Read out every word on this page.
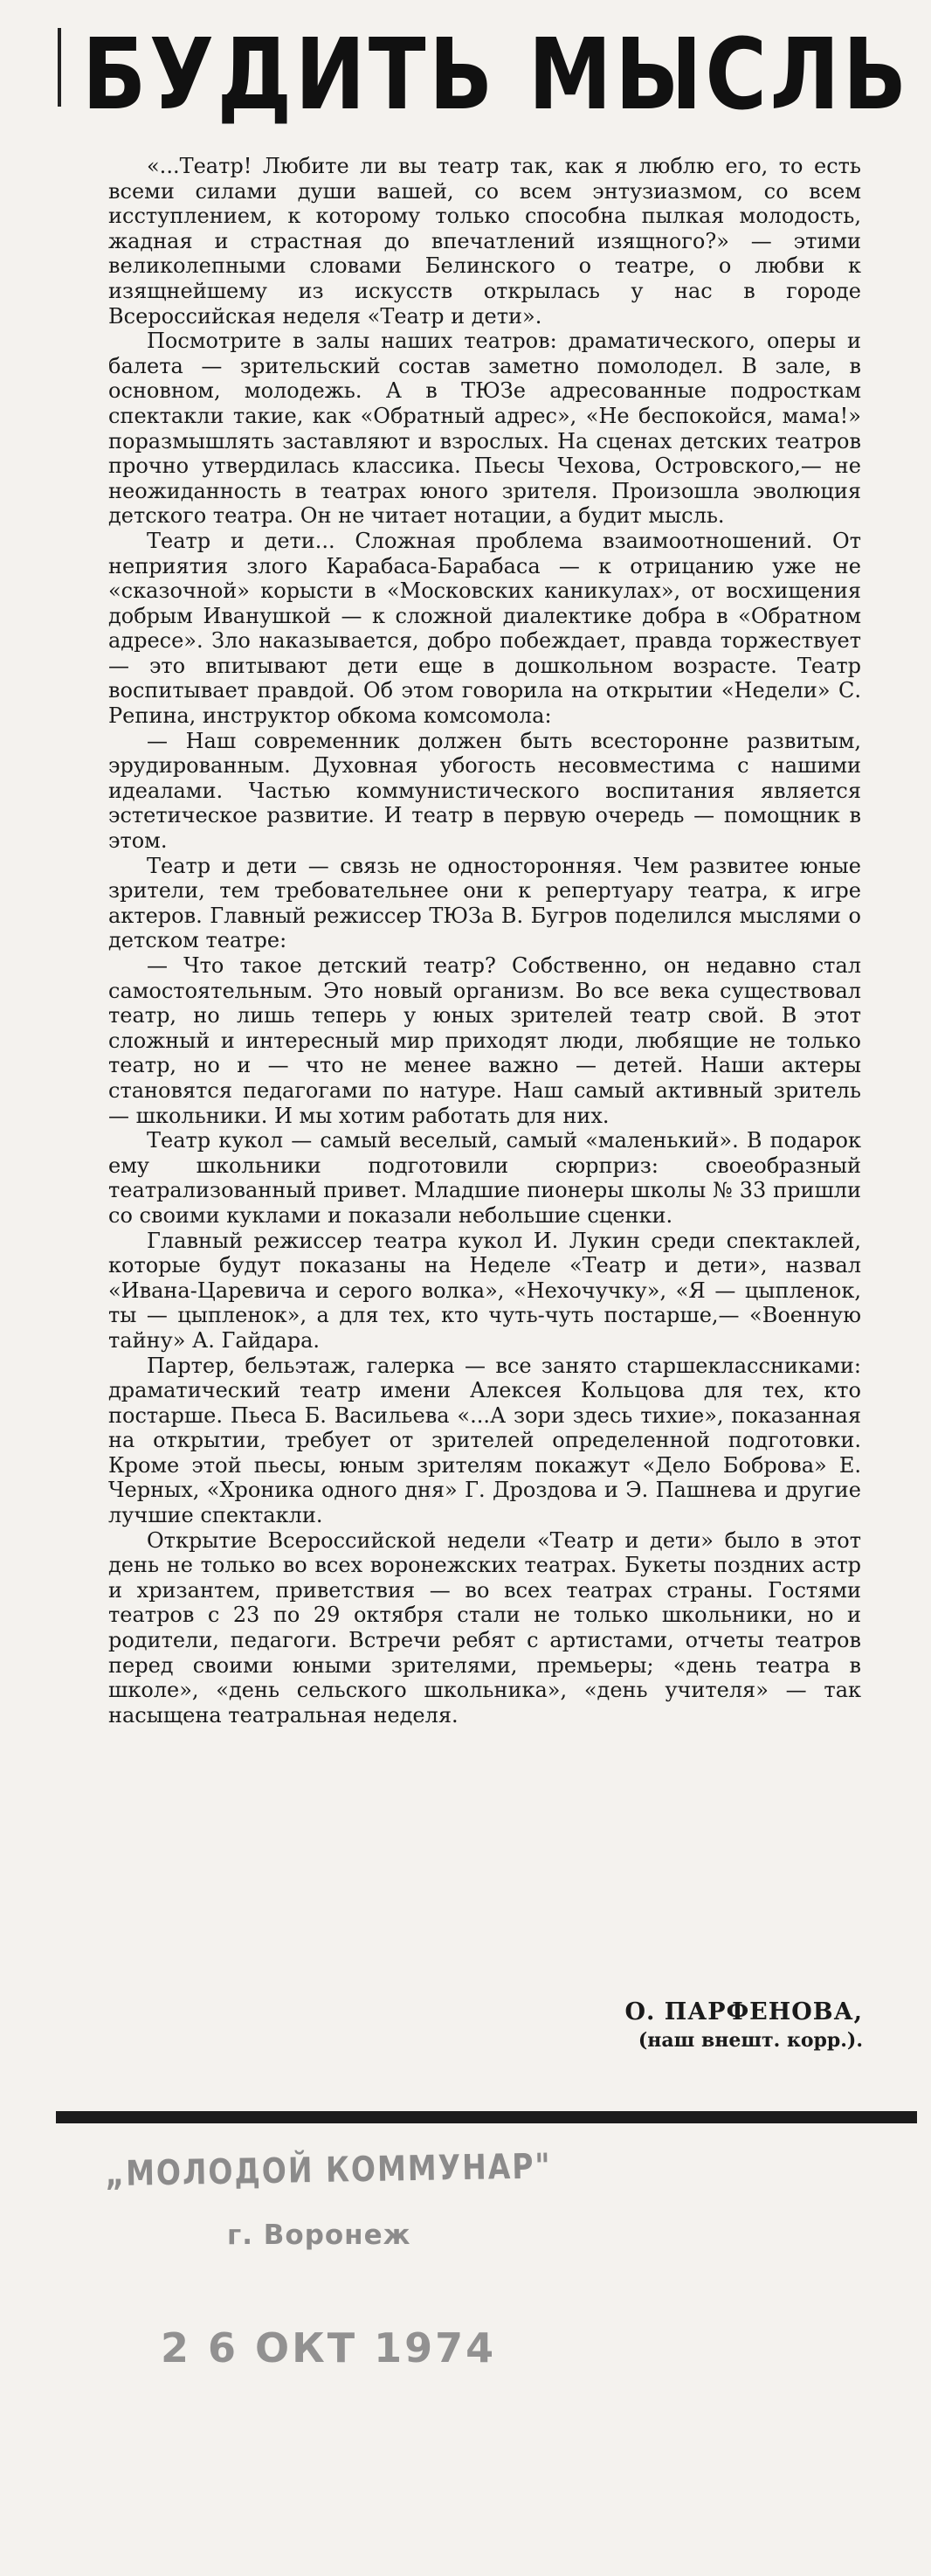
БУДИТЬ МЫСЛЬ

«...Театр! Любите ли вы театр так, как я люблю его, то есть всеми силами души вашей, со всем энтузиазмом, со всем исступлением, к которому только способна пылкая молодость, жадная и страстная до впечатлений изящного?» — этими великолепными словами Белинского о театре, о любви к изящнейшему из искусств открылась у нас в городе Всероссийская неделя «Театр и дети».

Посмотрите в залы наших театров: драматического, оперы и балета — зрительский состав заметно помолодел. В зале, в основном, молодежь. А в ТЮЗе адресованные подросткам спектакли такие, как «Обратный адрес», «Не беспокойся, мама!» поразмышлять заставляют и взрослых. На сценах детских театров прочно утвердилась классика. Пьесы Чехова, Островского,— не неожиданность в театрах юного зрителя. Произошла эволюция детского театра. Он не читает нотации, а будит мысль.

Театр и дети... Сложная проблема взаимоотношений. От неприятия злого Карабаса-Барабаса — к отрицанию уже не «сказочной» корысти в «Московских каникулах», от восхищения добрым Иванушкой — к сложной диалектике добра в «Обратном адресе». Зло наказывается, добро побеждает, правда торжествует — это впитывают дети еще в дошкольном возрасте. Театр воспитывает правдой. Об этом говорила на открытии «Недели» С. Репина, инструктор обкома комсомола:

— Наш современник должен быть всесторонне развитым, эрудированным. Духовная убогость несовместима с нашими идеалами. Частью коммунистического воспитания является эстетическое развитие. И театр в первую очередь — помощник в этом.

Театр и дети — связь не односторонняя. Чем развитее юные зрители, тем требовательнее они к репертуару театра, к игре актеров. Главный режиссер ТЮЗа В. Бугров поделился мыслями о детском театре:

— Что такое детский театр? Собственно, он недавно стал самостоятельным. Это новый организм. Во все века существовал театр, но лишь теперь у юных зрителей театр свой. В этот сложный и интересный мир приходят люди, любящие не только театр, но и — что не менее важно — детей. Наши актеры становятся педагогами по натуре. Наш самый активный зритель — школьники. И мы хотим работать для них.

Театр кукол — самый веселый, самый «маленький». В подарок ему школьники подготовили сюрприз: своеобразный театрализованный привет. Младшие пионеры школы № 33 пришли со своими куклами и показали небольшие сценки.

Главный режиссер театра кукол И. Лукин среди спектаклей, которые будут показаны на Неделе «Театр и дети», назвал «Ивана-Царевича и серого волка», «Нехочучку», «Я — цыпленок, ты — цыпленок», а для тех, кто чуть-чуть постарше,— «Военную тайну» А. Гайдара.

Партер, бельэтаж, галерка — все занято старшеклассниками: драматический театр имени Алексея Кольцова для тех, кто постарше. Пьеса Б. Васильева «...А зори здесь тихие», показанная на открытии, требует от зрителей определенной подготовки. Кроме этой пьесы, юным зрителям покажут «Дело Боброва» Е. Черных, «Хроника одного дня» Г. Дроздова и Э. Пашнева и другие лучшие спектакли.

Открытие Всероссийской недели «Театр и дети» было в этот день не только во всех воронежских театрах. Букеты поздних астр и хризантем, приветствия — во всех театрах страны. Гостями театров с 23 по 29 октября стали не только школьники, но и родители, педагоги. Встречи ребят с артистами, отчеты театров перед своими юными зрителями, премьеры; «день театра в школе», «день сельского школьника», «день учителя» — так насыщена театральная неделя.

О. ПАРФЕНОВА,
(наш внешт. корр.).
„МОЛОДОЙ КОММУНАР"
г. Воронеж
2 6 ОКТ 1974
